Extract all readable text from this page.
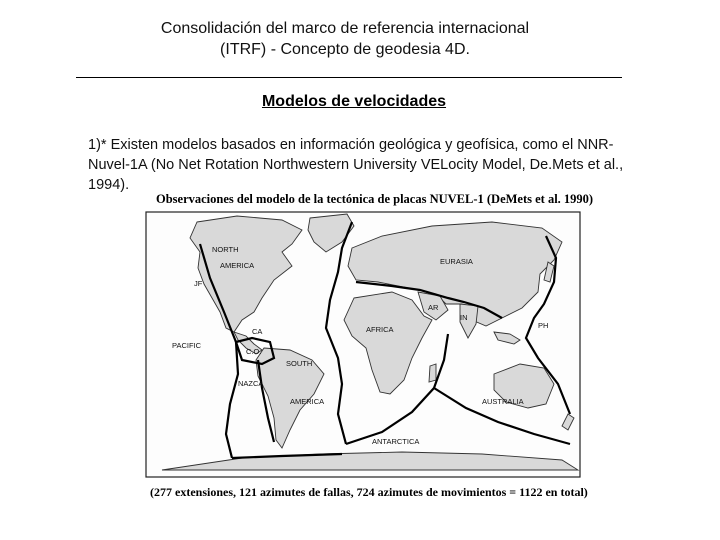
Consolidación del marco de referencia internacional
(ITRF) - Concepto de geodesia 4D.
Modelos de velocidades
1)* Existen modelos basados en información geológica y geofísica, como el NNR-
Nuvel-1A (No Net Rotation Northwestern University VELocity Model, De.Mets et al.,
1994).
Observaciones del modelo de la tectónica de placas NUVEL-1 (DeMets et al. 1990)
NORTH
AMERICA
JF
PACIFIC
CA
C.O.
SOUTH
AMERICA
NAZCA
EURASIA
AFRICA
AR
IN
PH
AUSTRALIA
ANTARCTICA
(277 extensiones, 121 azimutes de fallas, 724 azimutes de movimientos = 1122 en total)
